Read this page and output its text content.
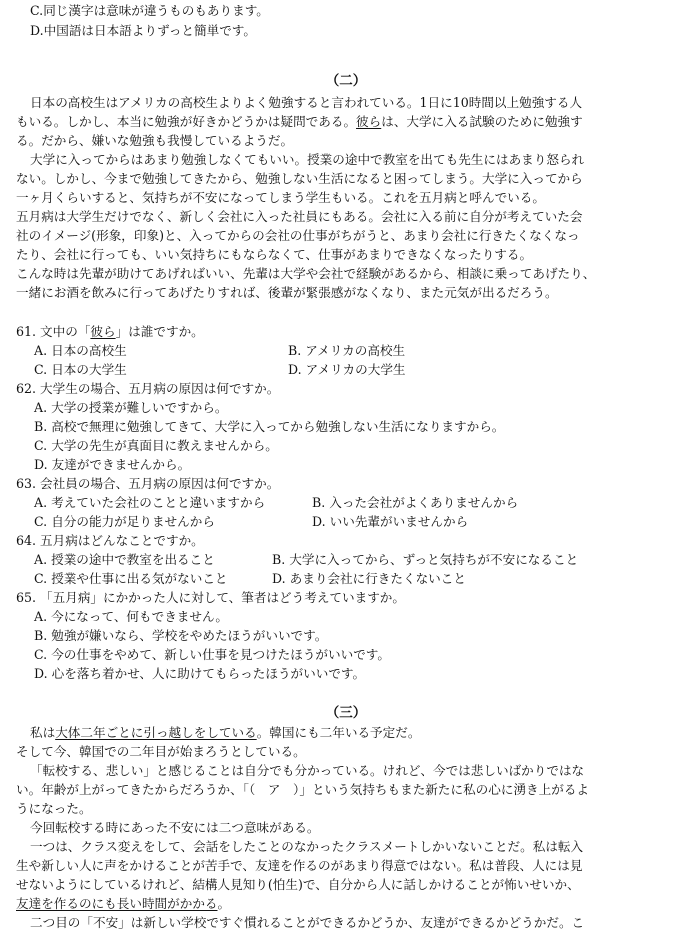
C.同じ漢字は意味が違うものもあります。
D.中国語は日本語よりずっと簡単です。
（二）
日本の高校生はアメリカの高校生よりよく勉強すると言われている。1日に10時間以上勉強する人
もいる。しかし、本当に勉強が好きかどうかは疑問である。彼らは、大学に入る試験のために勉強す
る。だから、嫌いな勉強も我慢しているようだ。
大学に入ってからはあまり勉強しなくてもいい。授業の途中で教室を出ても先生にはあまり怒られ
ない。しかし、今まで勉強してきたから、勉強しない生活になると困ってしまう。大学に入ってから
一ヶ月くらいすると、気持ちが不安になってしまう学生もいる。これを五月病と呼んでいる。
五月病は大学生だけでなく、新しく会社に入った社員にもある。会社に入る前に自分が考えていた会
社のイメージ(形象，印象)と、入ってからの会社の仕事がちがうと、あまり会社に行きたくなくなっ
たり、会社に行っても、いい気持ちにもならなくて、仕事があまりできなくなったりする。
こんな時は先輩が助けてあげればいい、先輩は大学や会社で経験があるから、相談に乗ってあげたり、
一緒にお酒を飲みに行ってあげたりすれば、後輩が緊張感がなくなり、また元気が出るだろう。
61. 文中の「彼ら」は誰ですか。
A. 日本の高校生	B. アメリカの高校生
C. 日本の大学生	D. アメリカの大学生
62. 大学生の場合、五月病の原因は何ですか。
A. 大学の授業が難しいですから。
B. 高校で無理に勉強してきて、大学に入ってから勉強しない生活になりますから。
C. 大学の先生が真面目に教えませんから。
D. 友達ができませんから。
63. 会社員の場合、五月病の原因は何ですか。
A. 考えていた会社のことと違いますから	B. 入った会社がよくありませんから
C. 自分の能力が足りませんから	D. いい先輩がいませんから
64. 五月病はどんなことですか。
A. 授業の途中で教室を出ること	B. 大学に入ってから、ずっと気持ちが不安になること
C. 授業や仕事に出る気がないこと	D. あまり会社に行きたくないこと
65. 「五月病」にかかった人に対して、筆者はどう考えていますか。
A. 今になって、何もできません。
B. 勉強が嫌いなら、学校をやめたほうがいいです。
C. 今の仕事をやめて、新しい仕事を見つけたほうがいいです。
D. 心を落ち着かせ、人に助けてもらったほうがいいです。
（三）
私は大体二年ごとに引っ越しをしている。韓国にも二年いる予定だ。
そして今、韓国での二年目が始まろうとしている。
「転校する、悲しい」と感じることは自分でも分かっている。けれど、今では悲しいばかりではな
い。年齢が上がってきたからだろうか、「（　ア　）」という気持ちもまた新たに私の心に湧き上がるよ
うになった。
今回転校する時にあった不安には二つ意味がある。
一つは、クラス変えをして、会話をしたことのなかったクラスメートしかいないことだ。私は転入
生や新しい人に声をかけることが苦手で、友達を作るのがあまり得意ではない。私は普段、人には見
せないようにしているけれど、結構人見知り(怕生)で、自分から人に話しかけることが怖いせいか、
友達を作るのにも長い時間がかかる。
二つ目の「不安」は新しい学校ですぐ慣れることができるかどうか、友達ができるかどうかだ。こ
